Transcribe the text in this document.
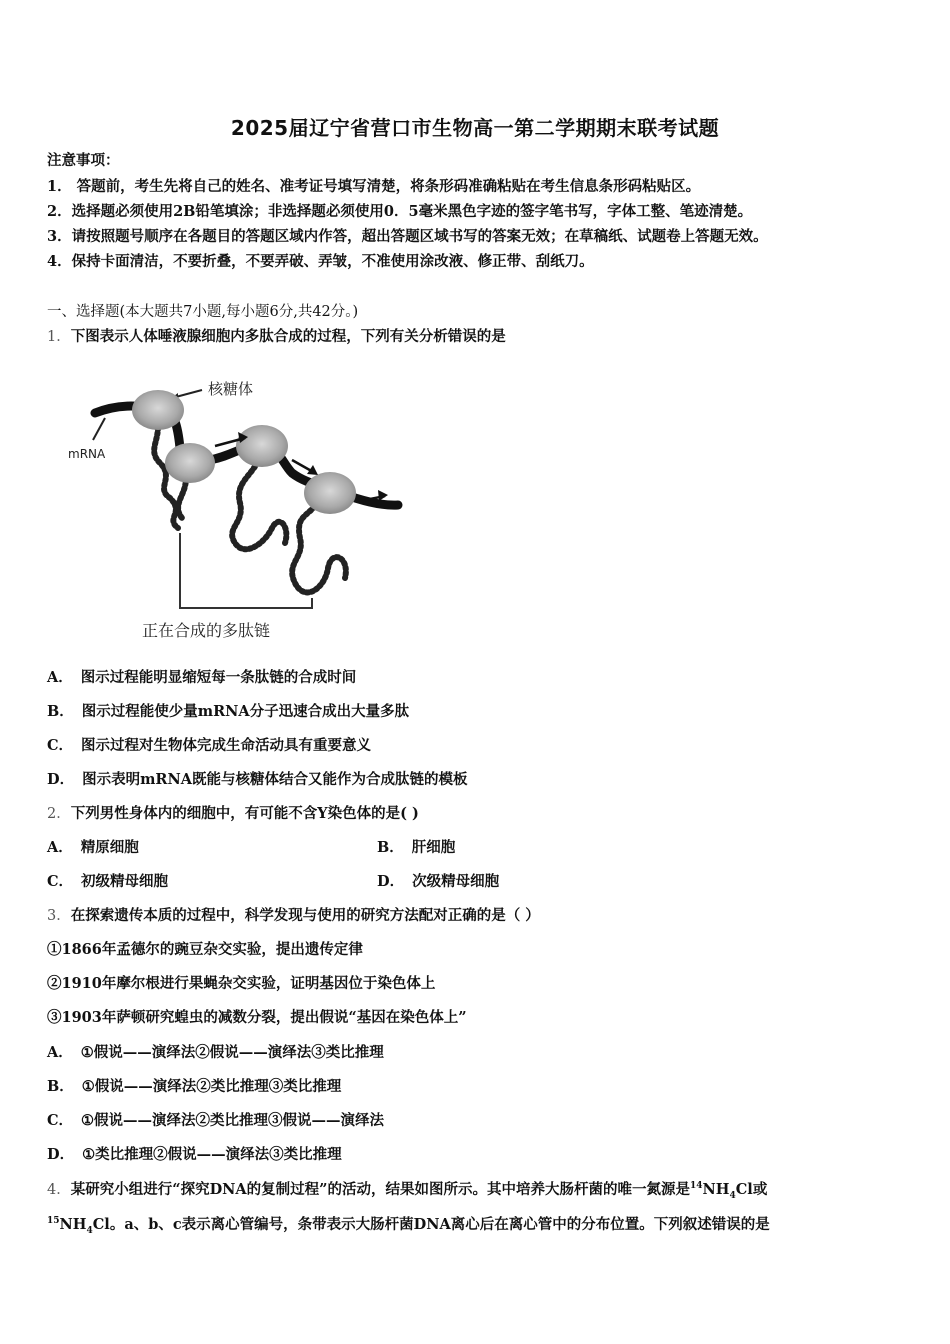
2025届辽宁省营口市生物高一第二学期期末联考试题
注意事项：
1． 答题前，考生先将自己的姓名、准考证号填写清楚，将条形码准确粘贴在考生信息条形码粘贴区。
2．选择题必须使用2B铅笔填涂；非选择题必须使用0．5毫米黑色字迹的签字笔书写，字体工整、笔迹清楚。
3．请按照题号顺序在各题目的答题区域内作答，超出答题区域书写的答案无效；在草稿纸、试题卷上答题无效。
4．保持卡面清洁，不要折叠，不要弄破、弄皱，不准使用涂改液、修正带、刮纸刀。
一、选择题(本大题共7小题,每小题6分,共42分。)
1．下图表示人体唾液腺细胞内多肽合成的过程，下列有关分析错误的是
核糖体
mRNA
正在合成的多肽链
A． 图示过程能明显缩短每一条肽链的合成时间
B． 图示过程能使少量mRNA分子迅速合成出大量多肽
C． 图示过程对生物体完成生命活动具有重要意义
D． 图示表明mRNA既能与核糖体结合又能作为合成肽链的模板
2．下列男性身体内的细胞中，有可能不含Y染色体的是( )
A． 精原细胞	B． 肝细胞
C． 初级精母细胞	D． 次级精母细胞
3．在探索遗传本质的过程中，科学发现与使用的研究方法配对正确的是（ ）
①1866年孟德尔的豌豆杂交实验，提出遗传定律
②1910年摩尔根进行果蝇杂交实验，证明基因位于染色体上
③1903年萨顿研究蝗虫的减数分裂，提出假说“基因在染色体上”
A． ①假说——演绎法②假说——演绎法③类比推理
B． ①假说——演绎法②类比推理③类比推理
C． ①假说——演绎法②类比推理③假说——演绎法
D． ①类比推理②假说——演绎法③类比推理
4．某研究小组进行“探究DNA的复制过程”的活动，结果如图所示。其中培养大肠杆菌的唯一氮源是$^{14}NH_4Cl$或
$^{15}NH_4Cl$。a、b、c表示离心管编号，条带表示大肠杆菌DNA离心后在离心管中的分布位置。下列叙述错误的是
